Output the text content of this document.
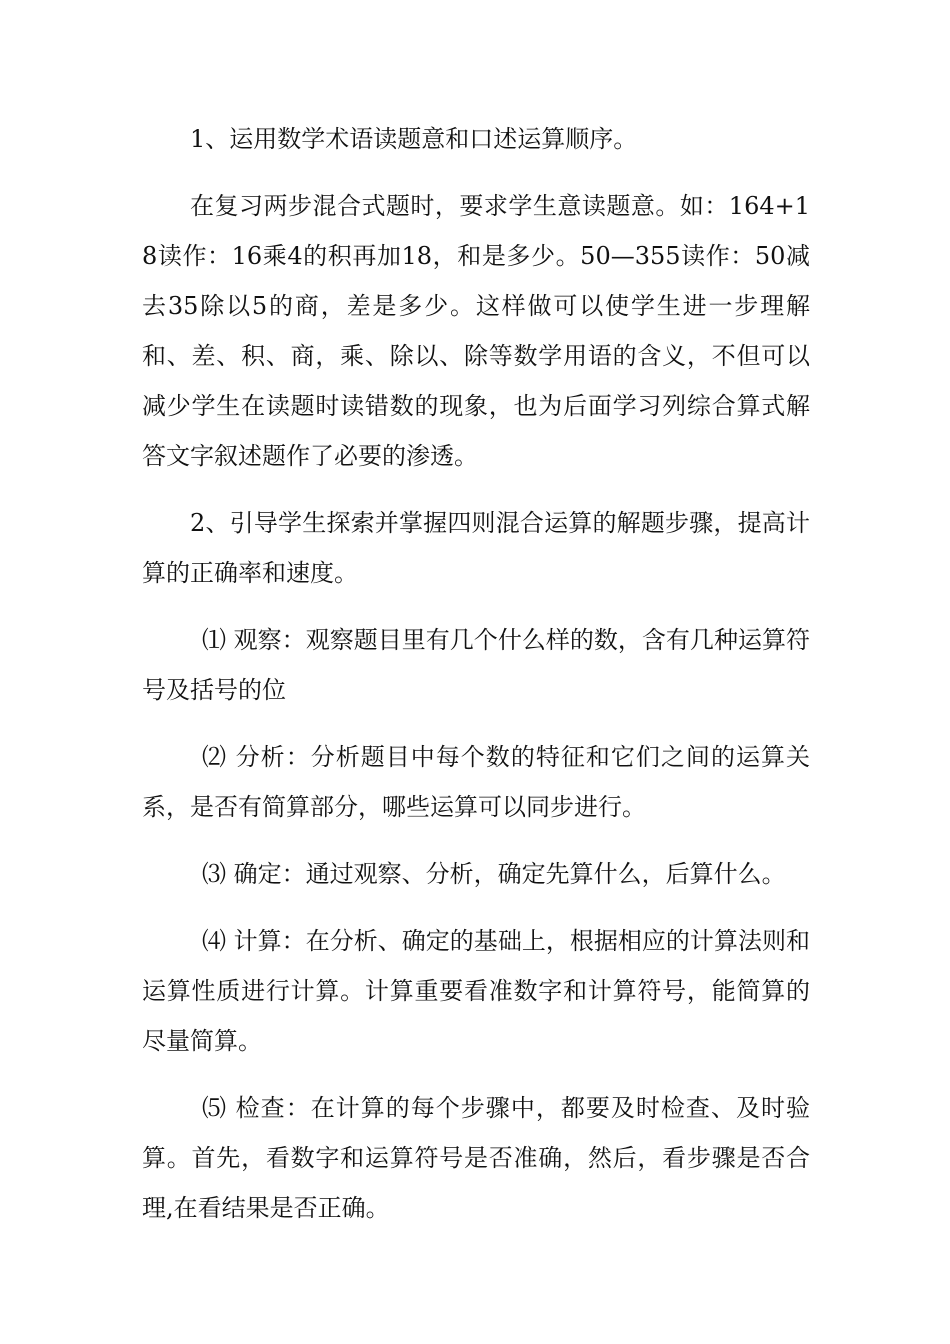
1、运用数学术语读题意和口述运算顺序。

在复习两步混合式题时，要求学生意读题意。如：164+18读作：16乘4的积再加18，和是多少。50—355读作：50减去35除以5的商，差是多少。这样做可以使学生进一步理解和、差、积、商，乘、除以、除等数学用语的含义，不但可以减少学生在读题时读错数的现象，也为后面学习列综合算式解答文字叙述题作了必要的渗透。

2、引导学生探索并掌握四则混合运算的解题步骤，提高计算的正确率和速度。

⑴ 观察：观察题目里有几个什么样的数，含有几种运算符号及括号的位

⑵ 分析：分析题目中每个数的特征和它们之间的运算关系，是否有简算部分，哪些运算可以同步进行。

⑶ 确定：通过观察、分析，确定先算什么，后算什么。

⑷ 计算：在分析、确定的基础上，根据相应的计算法则和运算性质进行计算。计算重要看准数字和计算符号，能简算的尽量简算。

⑸ 检查：在计算的每个步骤中，都要及时检查、及时验算。首先，看数字和运算符号是否准确，然后，看步骤是否合理,在看结果是否正确。
